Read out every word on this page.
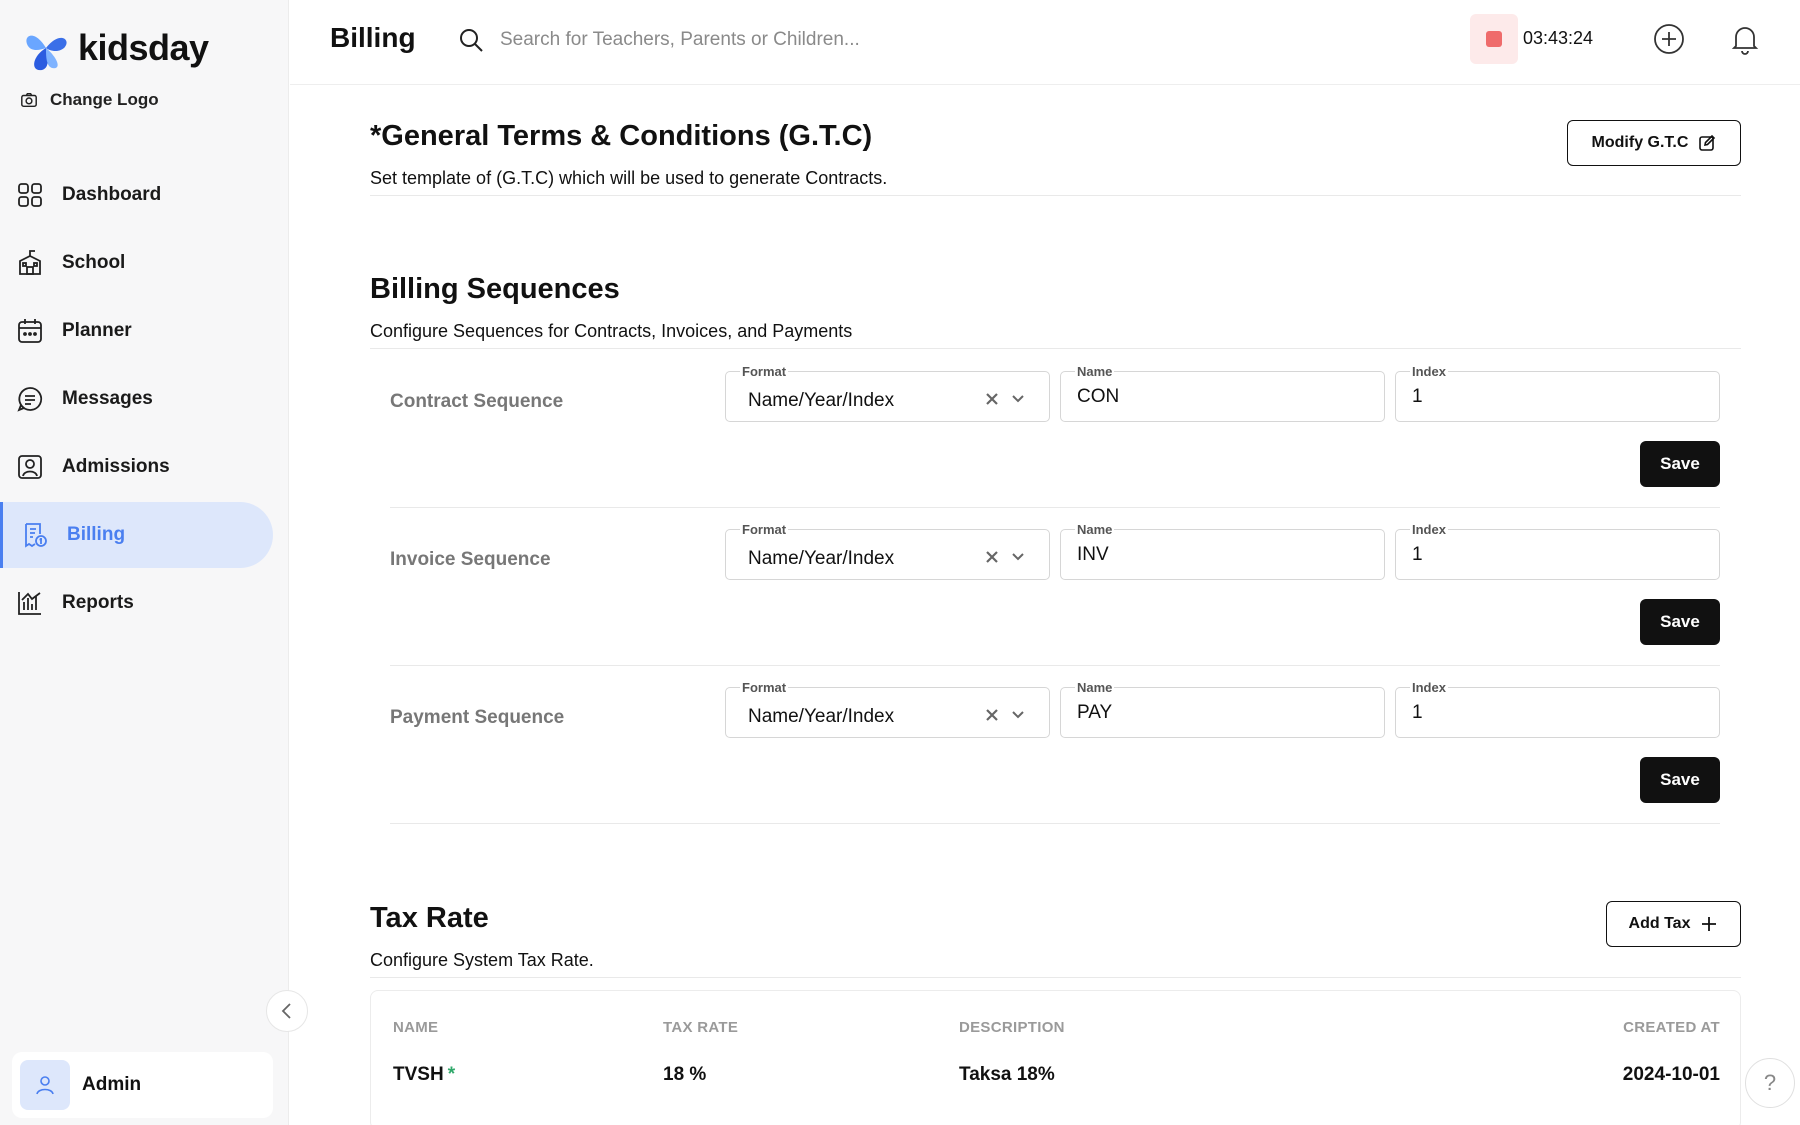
kidsday
Change Logo
Dashboard
School
Planner
Messages
Admissions
Billing
Reports
Admin
Billing
Search for Teachers, Parents or Children...	03:43:24
*General Terms & Conditions (G.T.C)

Set template of (G.T.C) which will be used to generate Contracts.

Modify G.T.C
Billing Sequences

Configure Sequences for Contracts, Invoices, and Payments

Contract Sequence
Format
Name/Year/Index
Name
CON
Index
1
Save
Invoice Sequence
Format
Name/Year/Index
Name
INV
Index
1
Save
Payment Sequence
Format
Name/Year/Index
Name
PAY
Index
1
Save
Tax Rate

Configure System Tax Rate.

Add Tax
NAME	TAX RATE	DESCRIPTION	CREATED AT
TVSH *	18 %	Taksa 18%	2024-10-01	?
